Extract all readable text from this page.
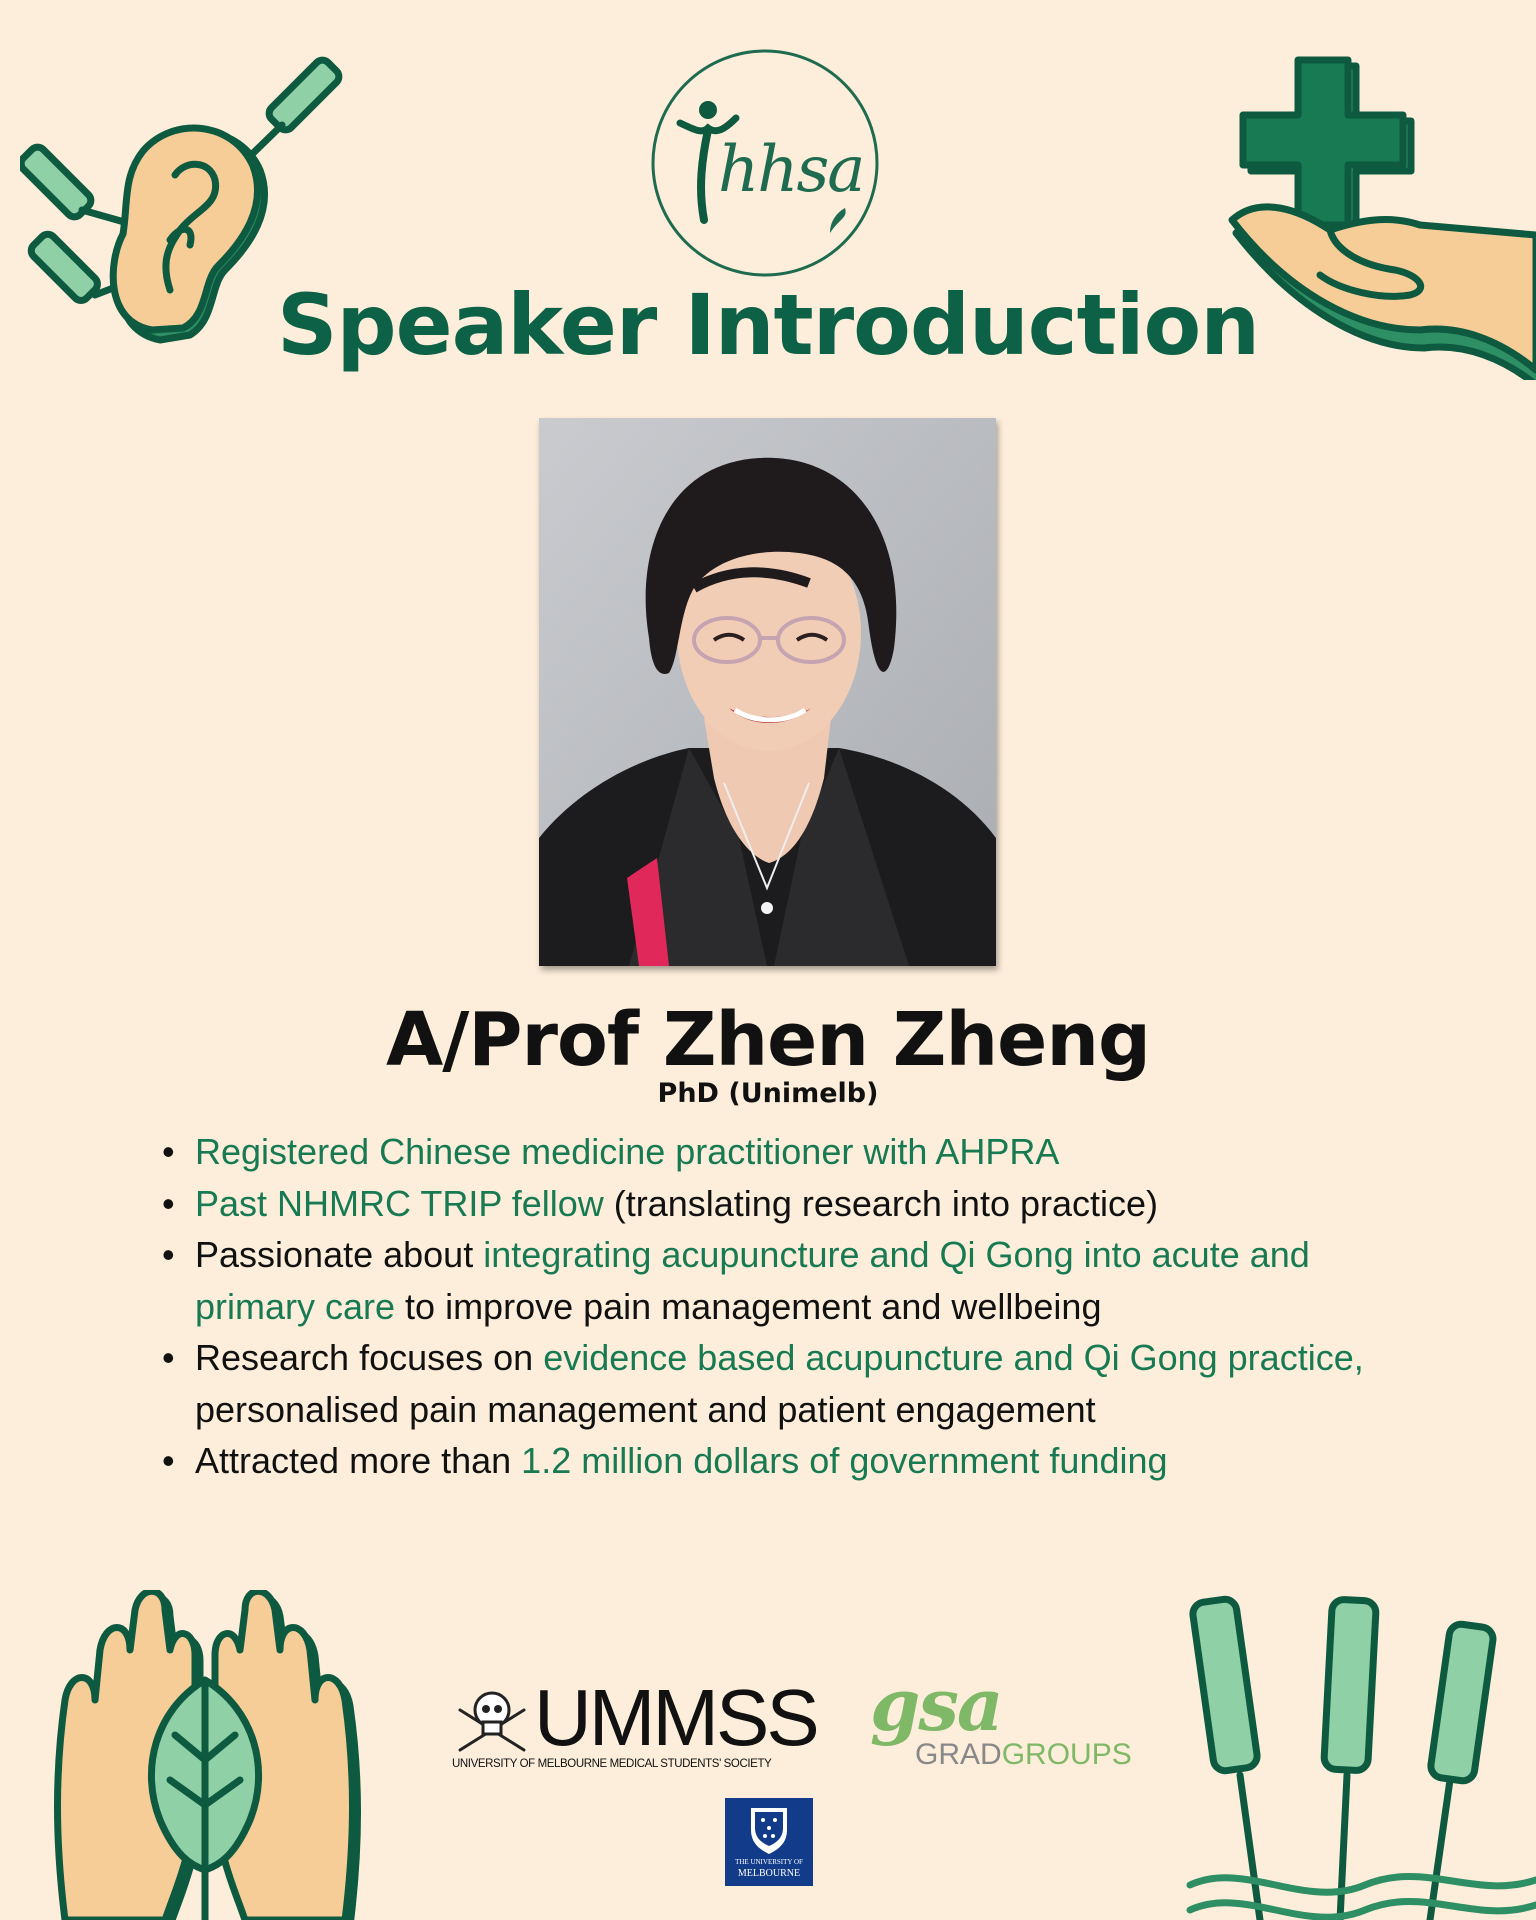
hhsa
Speaker Introduction
A/Prof Zhen Zheng
PhD (Unimelb)
• Registered Chinese medicine practitioner with AHPRA
• Past NHMRC TRIP fellow (translating research into practice)
• Passionate about integrating acupuncture and Qi Gong into acute and primary care to improve pain management and wellbeing
• Research focuses on evidence based acupuncture and Qi Gong practice, personalised pain management and patient engagement
• Attracted more than 1.2 million dollars of government funding
UMMSS
UNIVERSITY OF MELBOURNE MEDICAL STUDENTS' SOCIETY
gsa
GRADGROUPS
THE UNIVERSITY OF
MELBOURNE
